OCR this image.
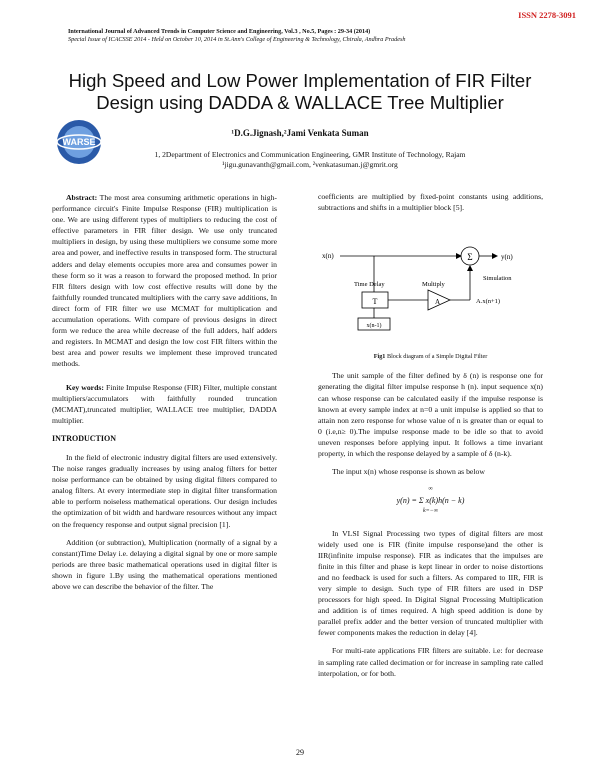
ISSN 2278-3091
International Journal of Advanced Trends in Computer Science and Engineering, Vol.3 , No.5, Pages : 29-34 (2014)
Special Issue of ICACSSE 2014 - Held on October 10, 2014 in St.Ann's College of Engineering & Technology, Chirala, Andhra Pradesh
WARSE
High Speed and Low Power Implementation of FIR Filter
Design using DADDA & WALLACE Tree Multiplier
¹D.G.Jignash,²Jami Venkata Suman
1, 2Department of Electronics and Communication Engineering, GMR Institute of Technology, Rajam
¹jigu.gunavanth@gmail.com, ²venkatasuman.j@gmrit.org

Abstract: The most area consuming arithmetic operations in high-performance circuit's Finite Impulse Response (FIR) multiplication is one. We are using different types of multipliers to reducing the cost of effective parameters in FIR filter design. We use only truncated multipliers in design, by using these multipliers we consume some more area and power, and ineffective results in transposed form. The structural adders and delay elements occupies more area and consumes power in these form so it was a reason to forward the proposed method. In prior FIR filters design with low cost effective results will done by the faithfully rounded truncated multipliers with the carry save additions, In direct form of FIR filter we use MCMAT for multiplication and accumulation operations. With compare of previous designs in direct form we reduce the area while decrease of the full adders, half adders and registers. In MCMAT and design the low cost FIR filters within the best area and power results we implement these improved truncated methods.

Key words: Finite Impulse Response (FIR) Filter, multiple constant multipliers/accumulators with faithfully rounded truncation (MCMAT),truncated multiplier, WALLACE tree multiplier, DADDA multiplier.

INTRODUCTION

In the field of electronic industry digital filters are used extensively. The noise ranges gradually increases by using analog filters for better noise performance can be obtained by using digital filters compared to analog filters. At every intermediate step in digital filter transformation able to perform noiseless mathematical operations. Our design includes the optimization of bit width and hardware resources without any impact on the frequency response and output signal precision [1].

Addition (or subtraction), Multiplication (normally of a signal by a constant)Time Delay i.e. delaying a digital signal by one or more sample periods are three basic mathematical operations used in digital filter is shown in figure 1.By using the mathematical operations mentioned above we can describe the behavior of the filter. The

coefficients are multiplied by fixed-point constants using additions, subtractions and shifts in a multiplier block [5].

x(n)	Σ	y(n)
Simulation
Time Delay
T
x(n-1)
Multiply
A	A.x(n+1)
Fig1 Block diagram of a Simple Digital Filter

The unit sample of the filter defined by δ (n) is response one for generating the digital filter impulse response h (n). input sequence x(n) can whose response can be calculated easily if the impulse response is known at every sample index at n=0 a unit impulse is applied so that to attain non zero response for whose value of n is greater than or equal to 0 (i.e,n≥ 0).The impulse response made to be idle so that to avoid uneven responses before applying input. It follows a time invariant property, in which the response delayed by a sample of δ (n-k).

The input x(n) whose response is shown as below

∞
y(n) = Σ x(k)h(n − k)
k=−∞

In VLSI Signal Processing two types of digital filters are most widely used one is FIR (finite impulse response)and the other is IIR(infinite impulse response). FIR as indicates that the impulses are finite in this filter and phase is kept linear in order to noise distortions and no feedback is used for such a filters. As compared to IIR, FIR is very simple to design. Such type of FIR filters are used in DSP processors for high speed. In Digital Signal Processing Multiplication and addition is of times required. A high speed addition is done by parallel prefix adder and the better version of truncated multiplier with fewer components makes the reduction in delay [4].

For multi-rate applications FIR filters are suitable. i.e: for decrease in sampling rate called decimation or for increase in sampling rate called interpolation, or for both.

29
